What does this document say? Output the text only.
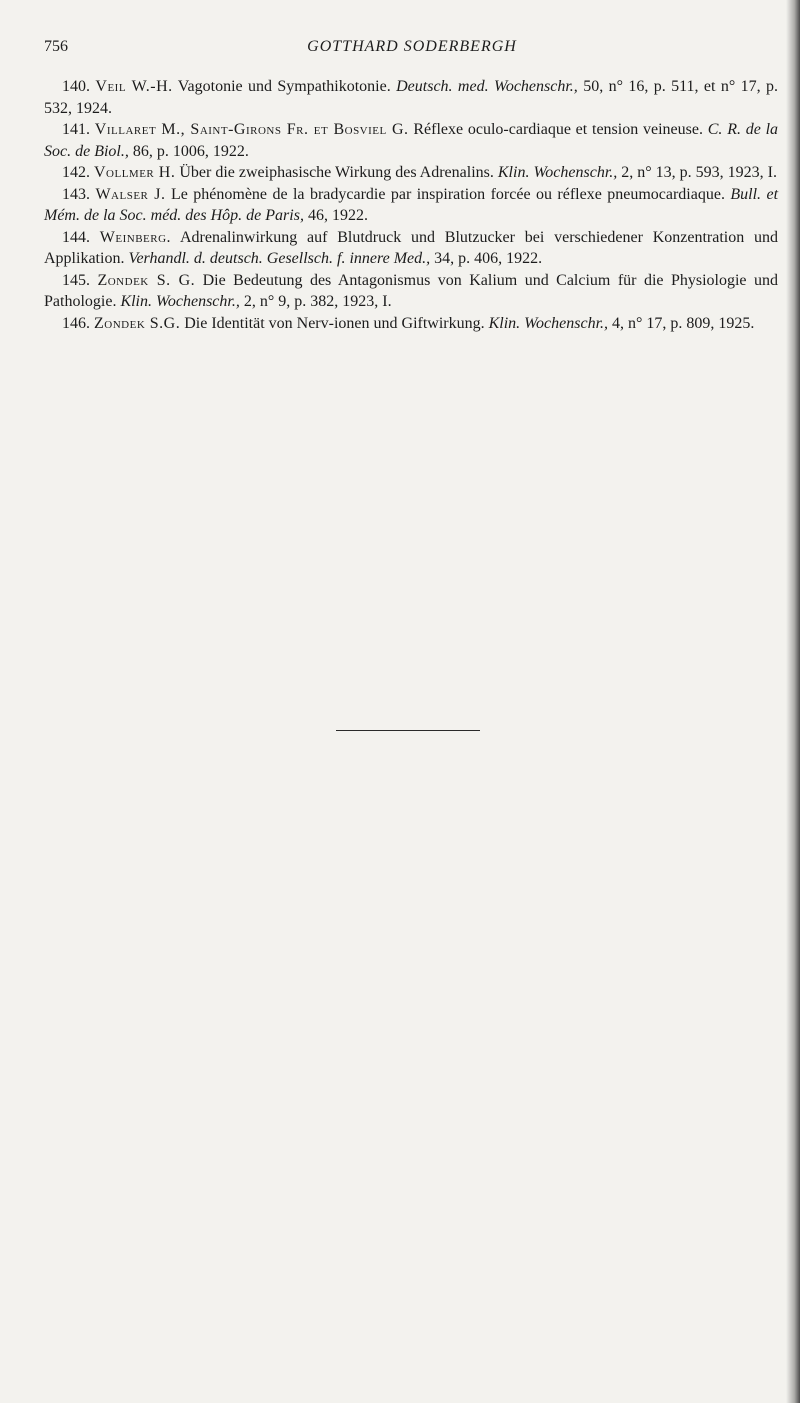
756	GOTTHARD SODERBERGH

140. Veil W.-H. Vagotonie und Sympathikotonie. Deutsch. med. Wochenschr., 50, n° 16, p. 511, et n° 17, p. 532, 1924.

141. Villaret M., Saint-Girons Fr. et Bosviel G. Réflexe oculo-cardiaque et tension veineuse. C. R. de la Soc. de Biol., 86, p. 1006, 1922.

142. Vollmer H. Über die zweiphasische Wirkung des Adrenalins. Klin. Wochenschr., 2, n° 13, p. 593, 1923, I.

143. Walser J. Le phénomène de la bradycardie par inspiration forcée ou réflexe pneumocardiaque. Bull. et Mém. de la Soc. méd. des Hôp. de Paris, 46, 1922.

144. Weinberg. Adrenalinwirkung auf Blutdruck und Blutzucker bei verschiedener Konzentration und Applikation. Verhandl. d. deutsch. Gesellsch. f. innere Med., 34, p. 406, 1922.

145. Zondek S. G. Die Bedeutung des Antagonismus von Kalium und Calcium für die Physiologie und Pathologie. Klin. Wochenschr., 2, n° 9, p. 382, 1923, I.

146. Zondek S.G. Die Identität von Nerv-ionen und Giftwirkung. Klin. Wochenschr., 4, n° 17, p. 809, 1925.
